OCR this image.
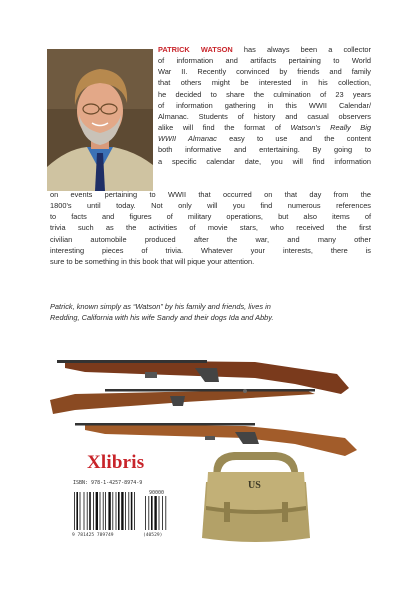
PATRICK WATSON has always been a collector
of information and artifacts pertaining to World
War II. Recently convinced by friends and family
that others might be interested in his collection,
he decided to share the culmination of 23 years
of information gathering in this WWII Calendar/
Almanac. Students of history and casual observers
alike will find the format of Watson's Really Big
WWII Almanac easy to use and the content
both informative and entertaining. By going to
a specific calendar date, you will find information
on events pertaining to WWII that occurred on that day from the
1800's until today. Not only will you find numerous references
to facts and figures of military operations, but also items of
trivia such as the activities of movie stars, who received the first
civilian automobile produced after the war, and many other
interesting pieces of trivia. Whatever your interests, there is
sure to be something in this book that will pique your attention.
Patrick, known simply as “Watson” by his family and friends, lives in
Redding, California with his wife Sandy and their dogs Ida and Abby.
Xlibris
ISBN: 978-1-4257-8974-9
90000
9 781425 789749	(40529)
US
